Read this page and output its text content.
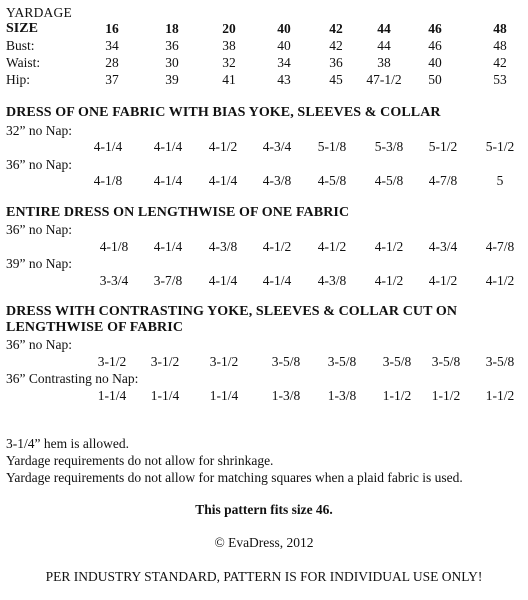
YARDAGE
SIZE	16	18	20	40	42	44	46	48
Bust:	34	36	38	40	42	44	46	48
Waist:	28	30	32	34	36	38	40	42
Hip:	37	39	41	43	45 47-1/2 50	53
DRESS OF ONE FABRIC WITH BIAS YOKE, SLEEVES & COLLAR
32” no Nap:
4-1/4 4-1/4 4-1/2 4-3/4 5-1/8 5-3/8 5-1/2 5-1/2
36” no Nap:
4-1/8 4-1/4 4-1/4 4-3/8 4-5/8 4-5/8 4-7/8	5
ENTIRE DRESS ON LENGTHWISE OF ONE FABRIC
36” no Nap:
4-1/8 4-1/4 4-3/8 4-1/2 4-1/2 4-1/2 4-3/4 4-7/8
39” no Nap:
3-3/4 3-7/8 4-1/4 4-1/4 4-3/8 4-1/2 4-1/2 4-1/2
DRESS WITH CONTRASTING YOKE, SLEEVES & COLLAR CUT ON
LENGTHWISE OF FABRIC
36” no Nap:
3-1/2 3-1/2 3-1/2 3-5/8 3-5/8 3-5/8 3-5/8 3-5/8
36” Contrasting no Nap:
1-1/4 1-1/4 1-1/4 1-3/8 1-3/8 1-1/2 1-1/2 1-1/2
3-1/4” hem is allowed.
Yardage requirements do not allow for shrinkage.
Yardage requirements do not allow for matching squares when a plaid fabric is used.
This pattern fits size 46.
© EvaDress, 2012
PER INDUSTRY STANDARD, PATTERN IS FOR INDIVIDUAL USE ONLY!
